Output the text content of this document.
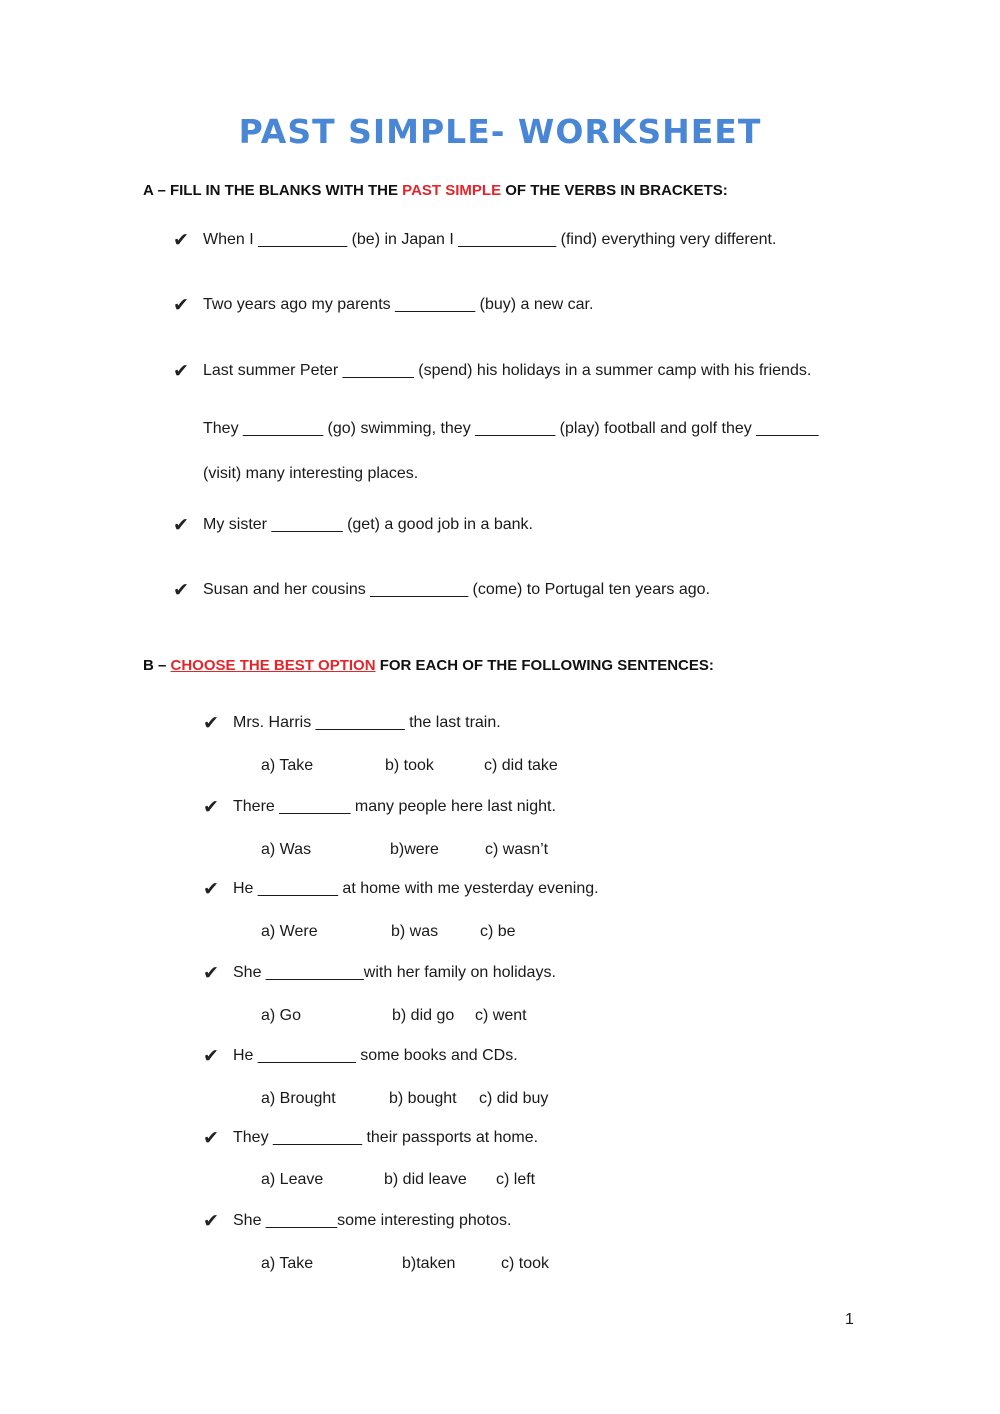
PAST SIMPLE- WORKSHEET
A – FILL IN THE BLANKS WITH THE PAST SIMPLE OF THE VERBS IN BRACKETS:
✔ When I __________ (be) in Japan I ___________ (find) everything very different.
✔ Two years ago my parents _________ (buy) a new car.
✔ Last summer Peter ________ (spend) his holidays in a summer camp with his friends.
They _________ (go) swimming, they _________ (play) football and golf they _______
(visit) many interesting places.
✔ My sister ________ (get) a good job in a bank.
✔ Susan and her cousins ___________ (come) to Portugal ten years ago.
B – CHOOSE THE BEST OPTION FOR EACH OF THE FOLLOWING SENTENCES:
✔ Mrs. Harris __________ the last train.
a) Take	b) took	c) did take
✔ There ________ many people here last night.
a) Was	b)were	c) wasn’t
✔ He _________ at home with me yesterday evening.
a) Were	b) was	c) be
✔ She ___________with her family on holidays.
a) Go	b) did go c) went
✔ He ___________ some books and CDs.
a) Brought	b) bought c) did buy
✔ They __________ their passports at home.
a) Leave	b) did leave c) left
✔ She ________some interesting photos.
a) Take	b)taken	c) took
1
